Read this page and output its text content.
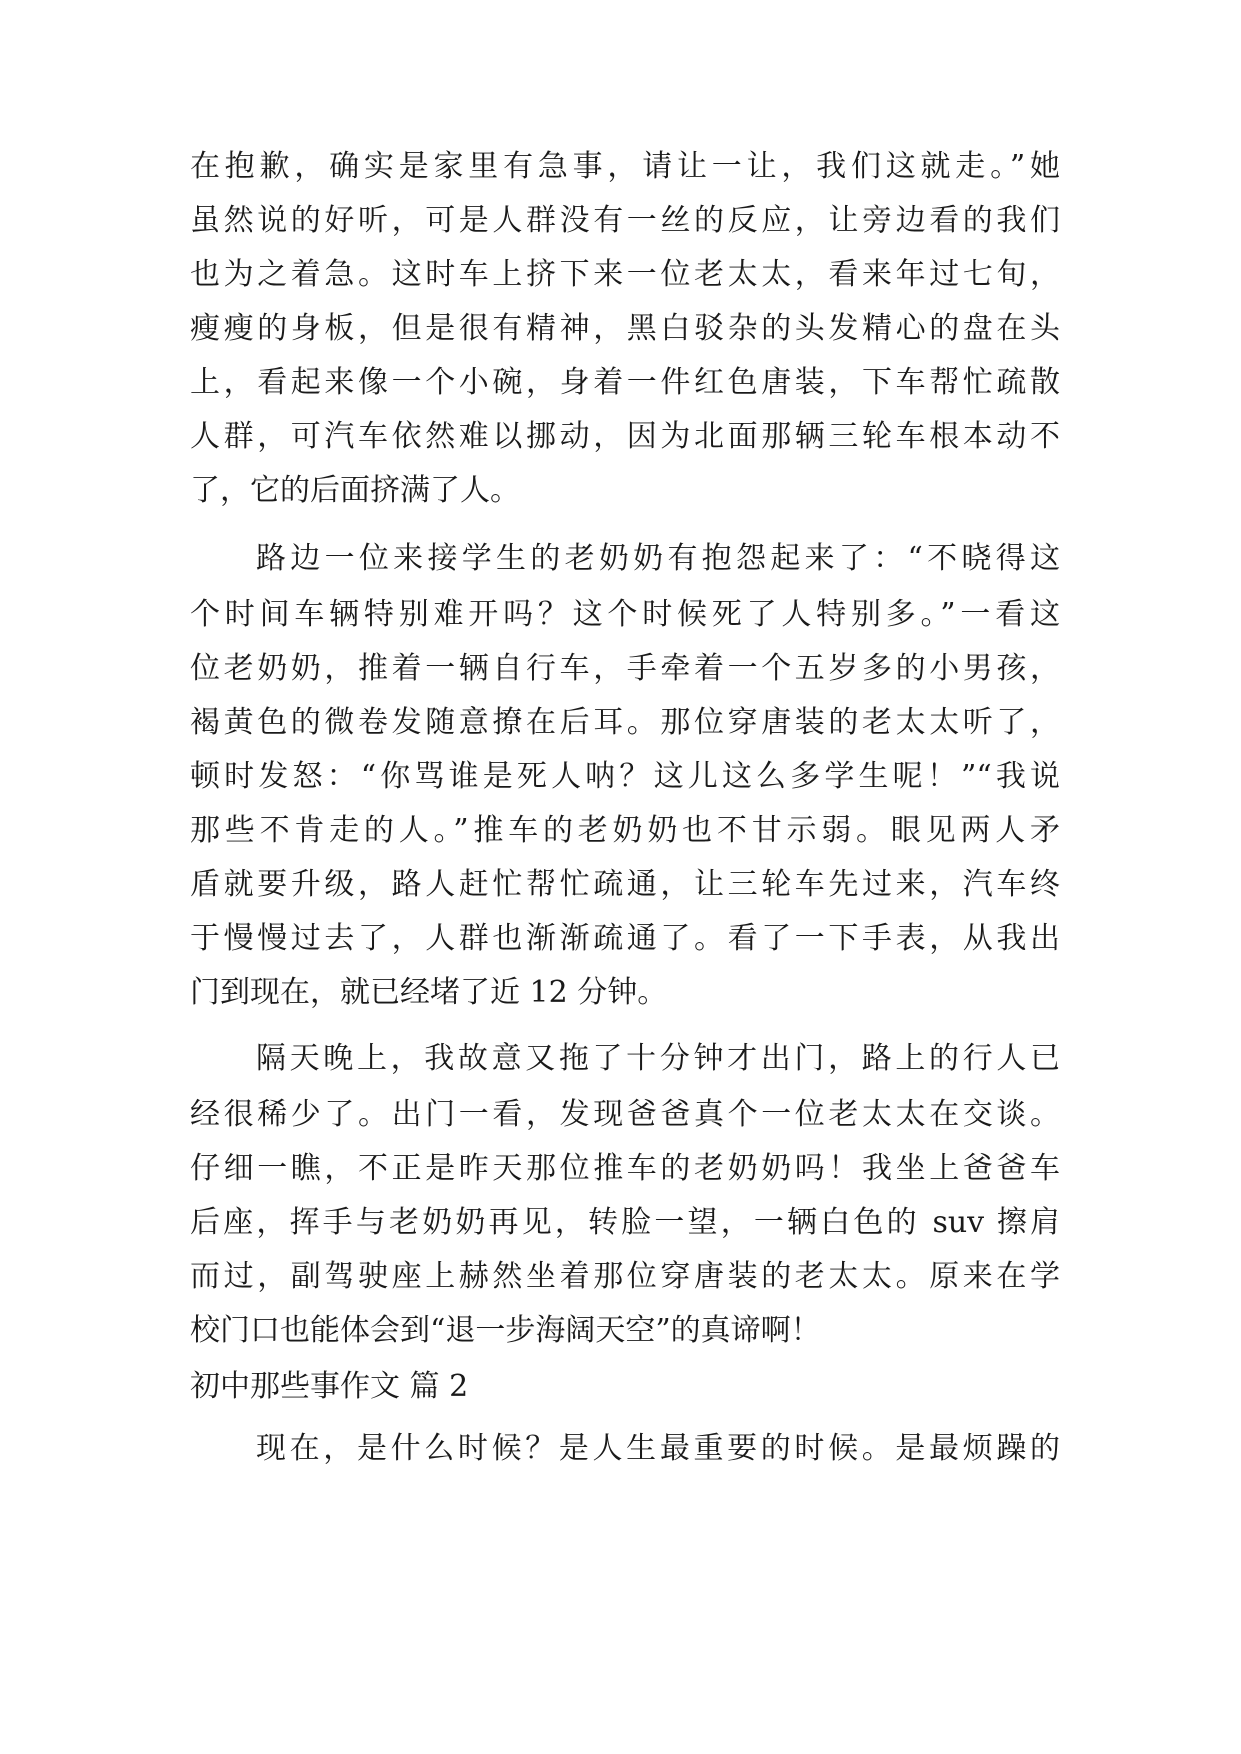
在抱歉，确实是家里有急事，请让一让，我们这就走。”她
虽然说的好听，可是人群没有一丝的反应，让旁边看的我们
也为之着急。这时车上挤下来一位老太太，看来年过七旬，
瘦瘦的身板，但是很有精神，黑白驳杂的头发精心的盘在头
上，看起来像一个小碗，身着一件红色唐装，下车帮忙疏散
人群，可汽车依然难以挪动，因为北面那辆三轮车根本动不
了，它的后面挤满了人。
路边一位来接学生的老奶奶有抱怨起来了：“不晓得这
个时间车辆特别难开吗？这个时候死了人特别多。”一看这
位老奶奶，推着一辆自行车，手牵着一个五岁多的小男孩，
褐黄色的微卷发随意撩在后耳。那位穿唐装的老太太听了，
顿时发怒：“你骂谁是死人呐？这儿这么多学生呢！”“我说
那些不肯走的人。”推车的老奶奶也不甘示弱。眼见两人矛
盾就要升级，路人赶忙帮忙疏通，让三轮车先过来，汽车终
于慢慢过去了，人群也渐渐疏通了。看了一下手表，从我出
门到现在，就已经堵了近 12 分钟。
隔天晚上，我故意又拖了十分钟才出门，路上的行人已
经很稀少了。出门一看，发现爸爸真个一位老太太在交谈。
仔细一瞧，不正是昨天那位推车的老奶奶吗！我坐上爸爸车
后座，挥手与老奶奶再见，转脸一望，一辆白色的 suv 擦肩
而过，副驾驶座上赫然坐着那位穿唐装的老太太。原来在学
校门口也能体会到“退一步海阔天空”的真谛啊！
初中那些事作文 篇 2
现在，是什么时候？是人生最重要的时候。是最烦躁的
